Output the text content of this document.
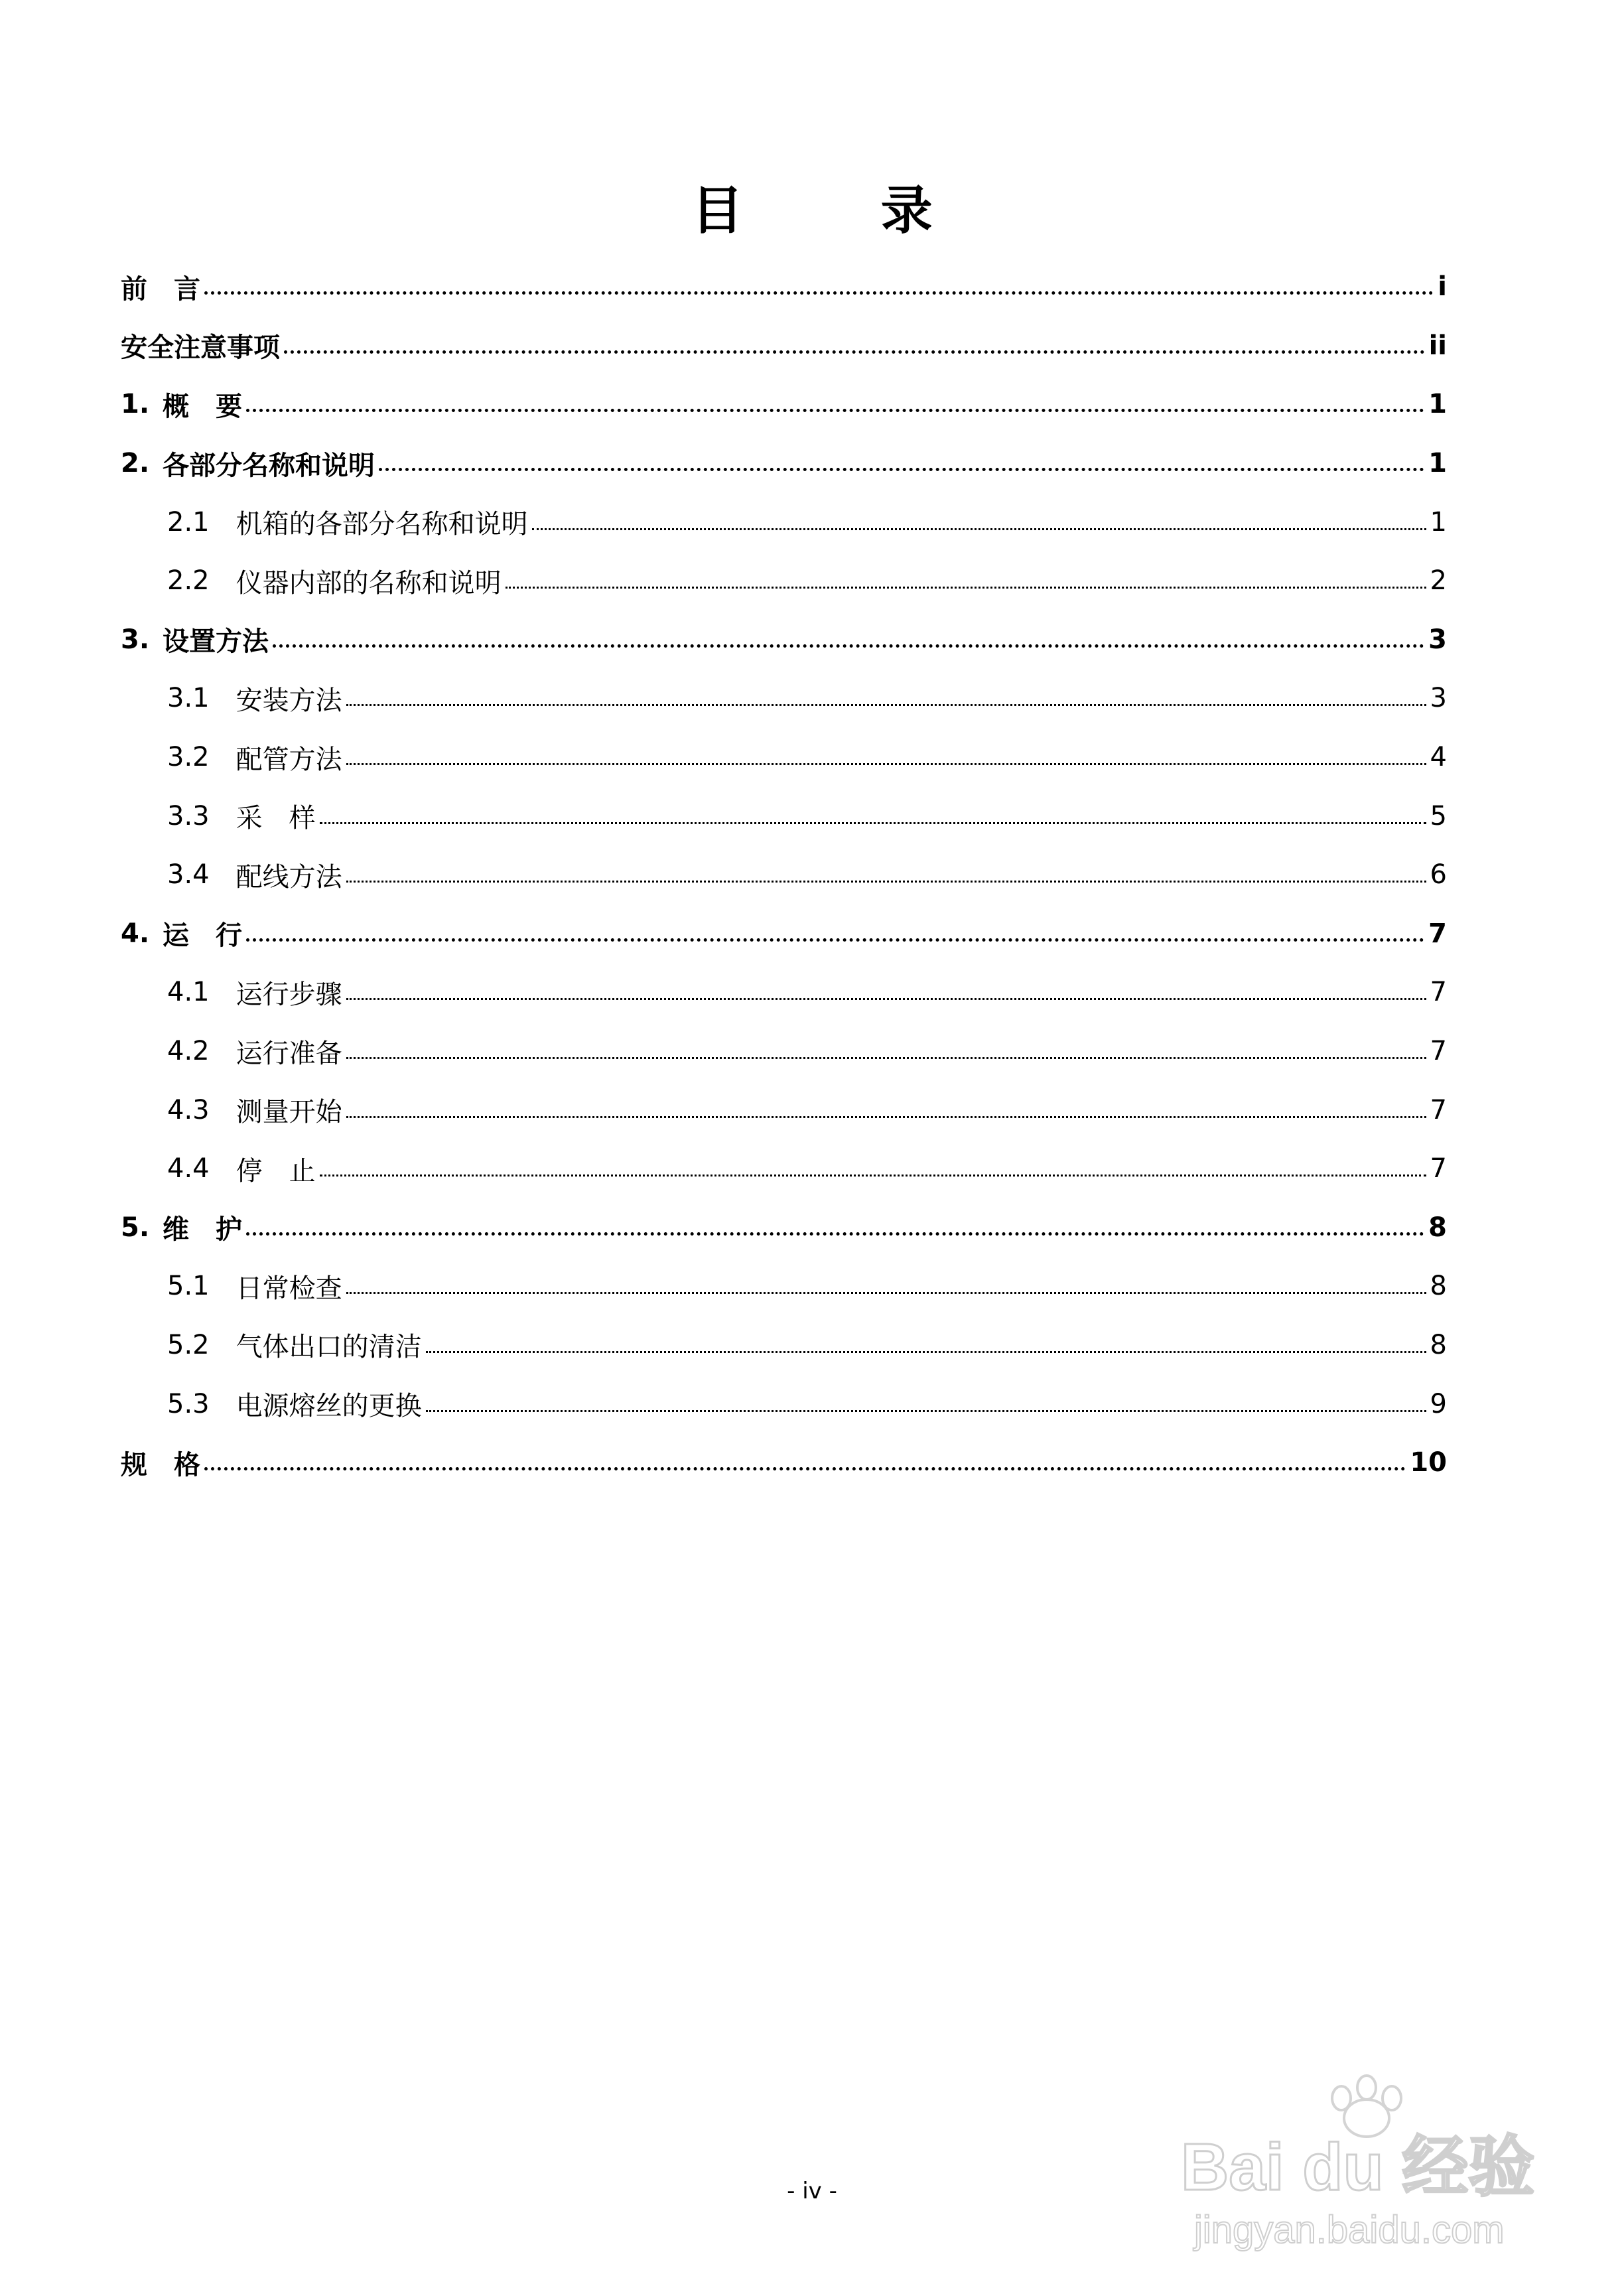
目 录
前　言	i
安全注意事项	ii
1. 概　要	1
2. 各部分名称和说明	1
2.1 机箱的各部分名称和说明	1
2.2 仪器内部的名称和说明	2
3. 设置方法	3
3.1 安装方法	3
3.2 配管方法	4
3.3 采　样	5
3.4 配线方法	6
4. 运　行	7
4.1 运行步骤	7
4.2 运行准备	7
4.3 测量开始	7
4.4 停　止	7
5. 维　护	8
5.1 日常检查	8
5.2 气体出口的清洁	8
5.3 电源熔丝的更换	9
规　格	10
- iv -	Bai du 经验
jingyan.baidu.com
